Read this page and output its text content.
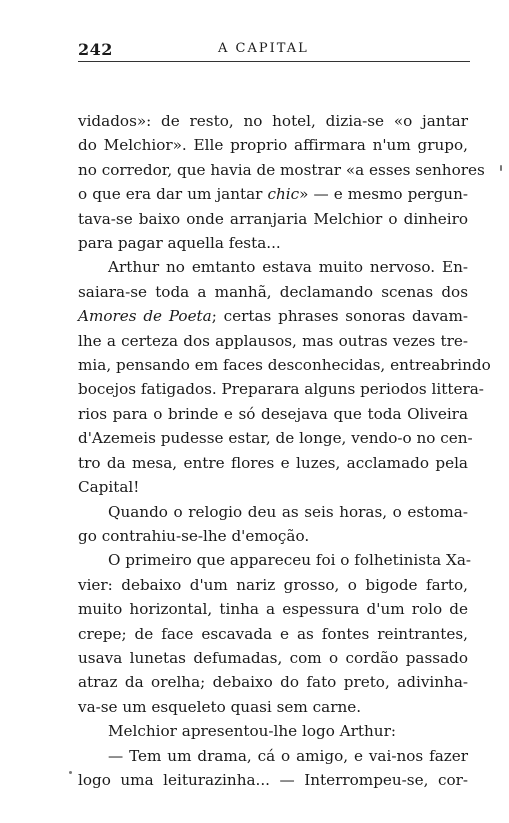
242	A CAPITAL

vidados»: de resto, no hotel, dizia-se «o jantar
do Melchior». Elle proprio affirmara n'um grupo,
no corredor, que havia de mostrar «a esses senhores
o que era dar um jantar chic» — e mesmo pergun-
tava-se baixo onde arranjaria Melchior o dinheiro
para pagar aquella festa...

Arthur no emtanto estava muito nervoso. En-
saiara-se toda a manhã, declamando scenas dos
Amores de Poeta; certas phrases sonoras davam-
lhe a certeza dos applausos, mas outras vezes tre-
mia, pensando em faces desconhecidas, entreabrindo
bocejos fatigados. Preparara alguns periodos littera-
rios para o brinde e só desejava que toda Oliveira
d'Azemeis pudesse estar, de longe, vendo-o no cen-
tro da mesa, entre flores e luzes, acclamado pela
Capital!

Quando o relogio deu as seis horas, o estoma-
go contrahiu-se-lhe d'emoção.

O primeiro que appareceu foi o folhetinista Xa-
vier: debaixo d'um nariz grosso, o bigode farto,
muito horizontal, tinha a espessura d'um rolo de
crepe; de face escavada e as fontes reintrantes,
usava lunetas defumadas, com o cordão passado
atraz da orelha; debaixo do fato preto, adivinha-
va-se um esqueleto quasi sem carne.

Melchior apresentou-lhe logo Arthur:

— Tem um drama, cá o amigo, e vai-nos fazer
logo uma leiturazinha... — Interrompeu-se, cor-
